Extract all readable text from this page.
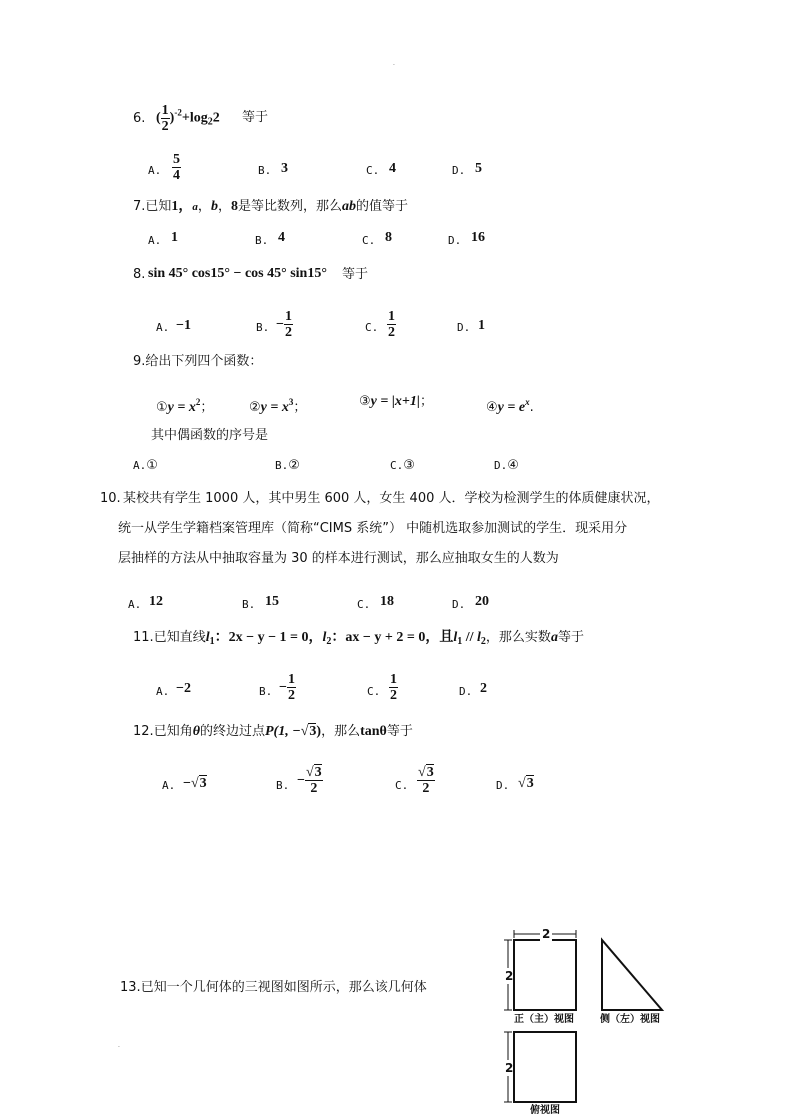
.
.
6. ( $\frac{1}{2} )^{-2}+\log_22$ 等于
A. $\frac{5}{4}$	B. 3	C. 4	D. 5
7.已知1，a，b，8是等比数列，那么ab的值等于
A. 1	B. 4	C. 8	D. 16
8. sin 45° cos15° − cos 45° sin15° 等于
A. −1	B. − $\frac{1}{2}$	C. $\frac{1}{2}$	D. 1
9.给出下列四个函数：
①y = $x^2$；	②y = $x^3$；	③y = |x+1|；	④y = $e^x$.
其中偶函数的序号是
A.①	B.②	C.③	D.④
10. 某校共有学生 1000 人，其中男生 600 人，女生 400 人．学校为检测学生的体质健康状况，
统一从学生学籍档案管理库（简称“CIMS 系统”） 中随机选取参加测试的学生．现采用分
层抽样的方法从中抽取容量为 30 的样本进行测试，那么应抽取女生的人数为
A. 12	B. 15	C. 18	D. 20
11.已知直线$l_1$：2x − y − 1 = 0，$l_2$：ax − y + 2 = 0，且$l_1 // l_2$，那么实数a等于
A. −2	B. − $\frac{1}{2}$	C. $\frac{1}{2}$	D. 2
12.已知角θ的终边过点P(1, −√3)，那么tanθ等于
A. −√3	B. − $\frac{√3}{2}$	C. $\frac{√3}{2}$	D. √3
13.已知一个几何体的三视图如图所示，那么该几何体
2
2
2
正（主）视图	侧（左）视图
俯视图
